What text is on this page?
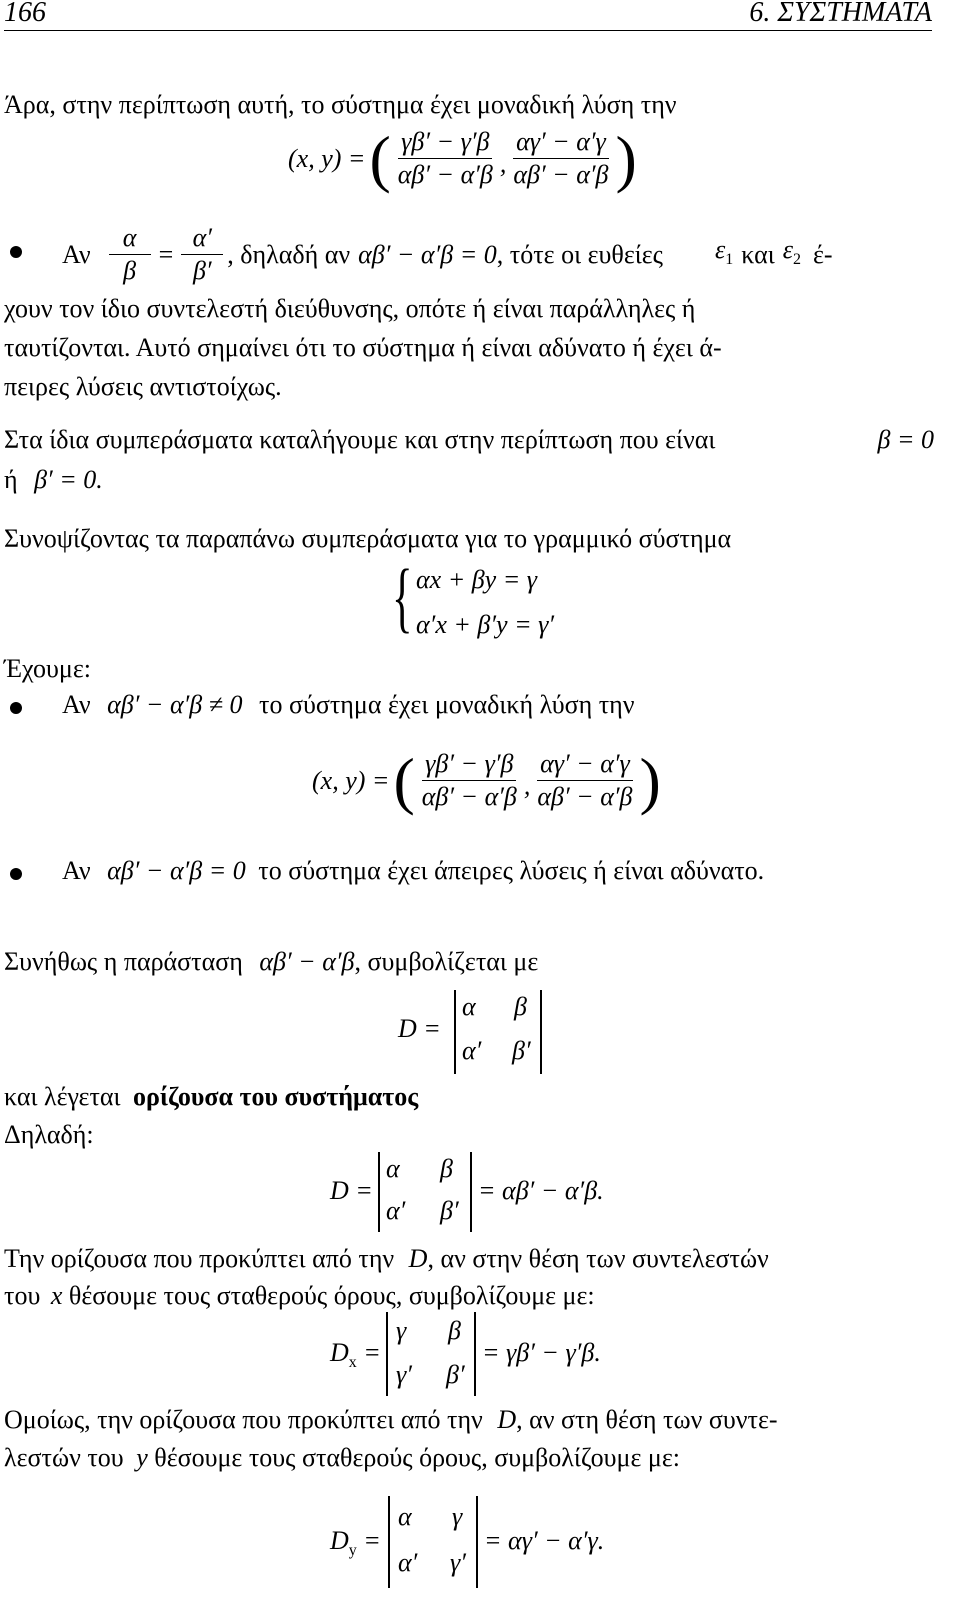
166	6. ΣΥΣΤΗΜΑΤΑ
Άρα, στην περίπτωση αυτή, το σύστημα έχει μοναδική λύση την
(x, y) = ( $\frac{\gamma\beta' - \gamma'\beta}{\alpha\beta' - \alpha'\beta}$ , $\frac{\alpha\gamma' - \alpha'\gamma}{\alpha\beta' - \alpha'\beta}$ )
Αν $\frac{\alpha}{\beta} = \frac{\alpha'}{\beta'}$ , δηλαδή αν αβ′ − α′β = 0 , τότε οι ευθείες $\varepsilon_1$ και $\varepsilon_2$ έ-
χουν τον ίδιο συντελεστή διεύθυνσης, οπότε ή είναι παράλληλες ή
ταυτίζονται. Αυτό σημαίνει ότι το σύστημα ή είναι αδύνατο ή έχει ά-
πειρες λύσεις αντιστοίχως.
Στα ίδια συμπεράσματα καταλήγουμε και στην περίπτωση που είναι	β = 0
ή β′ = 0.
Συνοψίζοντας τα παραπάνω συμπεράσματα για το γραμμικό σύστημα
{ αx + βy = γ
α′x + β′y = γ′
Έχουμε:
Αν αβ′ − α′β ≠ 0 το σύστημα έχει μοναδική λύση την
(x, y) = ( $\frac{\gamma\beta' - \gamma'\beta}{\alpha\beta' - \alpha'\beta}$ , $\frac{\alpha\gamma' - \alpha'\gamma}{\alpha\beta' - \alpha'\beta}$ )
Αν αβ′ − α′β = 0 το σύστημα έχει άπειρες λύσεις ή είναι αδύνατο.
Συνήθως η παράσταση αβ′ − α′β, συμβολίζεται με
D =
α β
α′ β′
και λέγεται ορίζουσα του συστήματος
Δηλαδή:
D =
α β
α′ β′
= αβ′ − α′β.
Την ορίζουσα που προκύπτει από την D, αν στην θέση των συντελεστών
του x θέσουμε τους σταθερούς όρους, συμβολίζουμε με:
$D_x$ =
γ β
γ′ β′
= γβ′ − γ′β.
Ομοίως, την ορίζουσα που προκύπτει από την D, αν στη θέση των συντε-
λεστών του y θέσουμε τους σταθερούς όρους, συμβολίζουμε με:
$D_y$ =
α γ
α′ γ′
= αγ′ − α′γ.
